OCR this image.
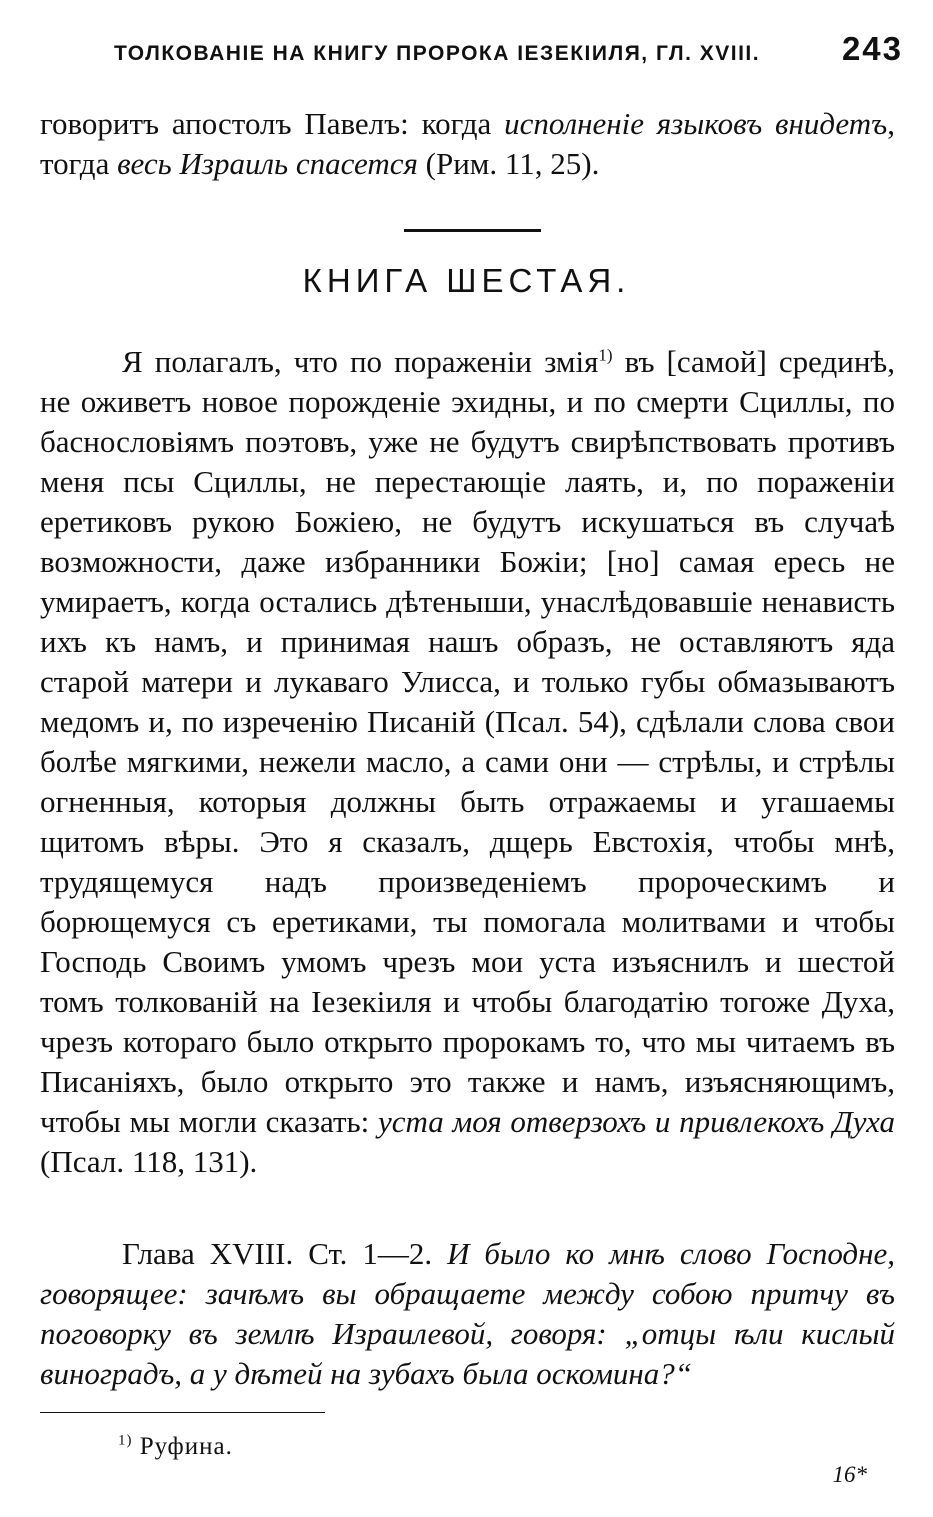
ТОЛКОВАНІЕ НА КНИГУ ПРОРОКА ІЕЗЕКІИЛЯ, ГЛ. XVIII. 243

говоритъ апостолъ Павелъ: когда исполненіе языковъ внидетъ, тогда весь Израиль спасется (Рим. 11, 25).

КНИГА ШЕСТАЯ.

Я полагалъ, что по пораженіи змія$^{1)}$ въ [самой] срединѣ, не оживетъ новое порожденіе эхидны, и по смерти Сциллы, по баснословіямъ поэтовъ, уже не будутъ свирѣпствовать противъ меня псы Сциллы, не перестающіе лаять, и, по пораженіи еретиковъ рукою Божіею, не будутъ искушаться въ случаѣ возможности, даже избранники Божіи; [но] самая ересь не умираетъ, когда остались дѣтеныши, унаслѣдовавшіе ненависть ихъ къ намъ, и принимая нашъ образъ, не оставляютъ яда старой матери и лукаваго Улисса, и только губы обмазываютъ медомъ и, по изреченію Писаній (Псал. 54), сдѣлали слова свои болѣе мягкими, нежели масло, а сами они — стрѣлы, и стрѣлы огненныя, которыя должны быть отражаемы и угашаемы щитомъ вѣры. Это я сказалъ, дщерь Евстохія, чтобы мнѣ, трудящемуся надъ произведеніемъ пророческимъ и борющемуся съ еретиками, ты помогала молитвами и чтобы Господь Своимъ умомъ чрезъ мои уста изъяснилъ и шестой томъ толкованій на Іезекіиля и чтобы благодатію тогоже Духа, чрезъ котораго было открыто пророкамъ то, что мы читаемъ въ Писаніяхъ, было открыто это также и намъ, изъясняющимъ, чтобы мы могли сказать: уста моя отверзохъ и привлекохъ Духа (Псал. 118, 131).

Глава XVIII. Ст. 1—2. И было ко мнѣ слово Господне, говорящее: зачѣмъ вы обращаете между собою притчу въ поговорку въ землѣ Израилевой, говоря: „отцы ѣли кислый виноградъ, а у дѣтей на зубахъ была оскомина?“

$^{1)}$ Руфина.
16*
